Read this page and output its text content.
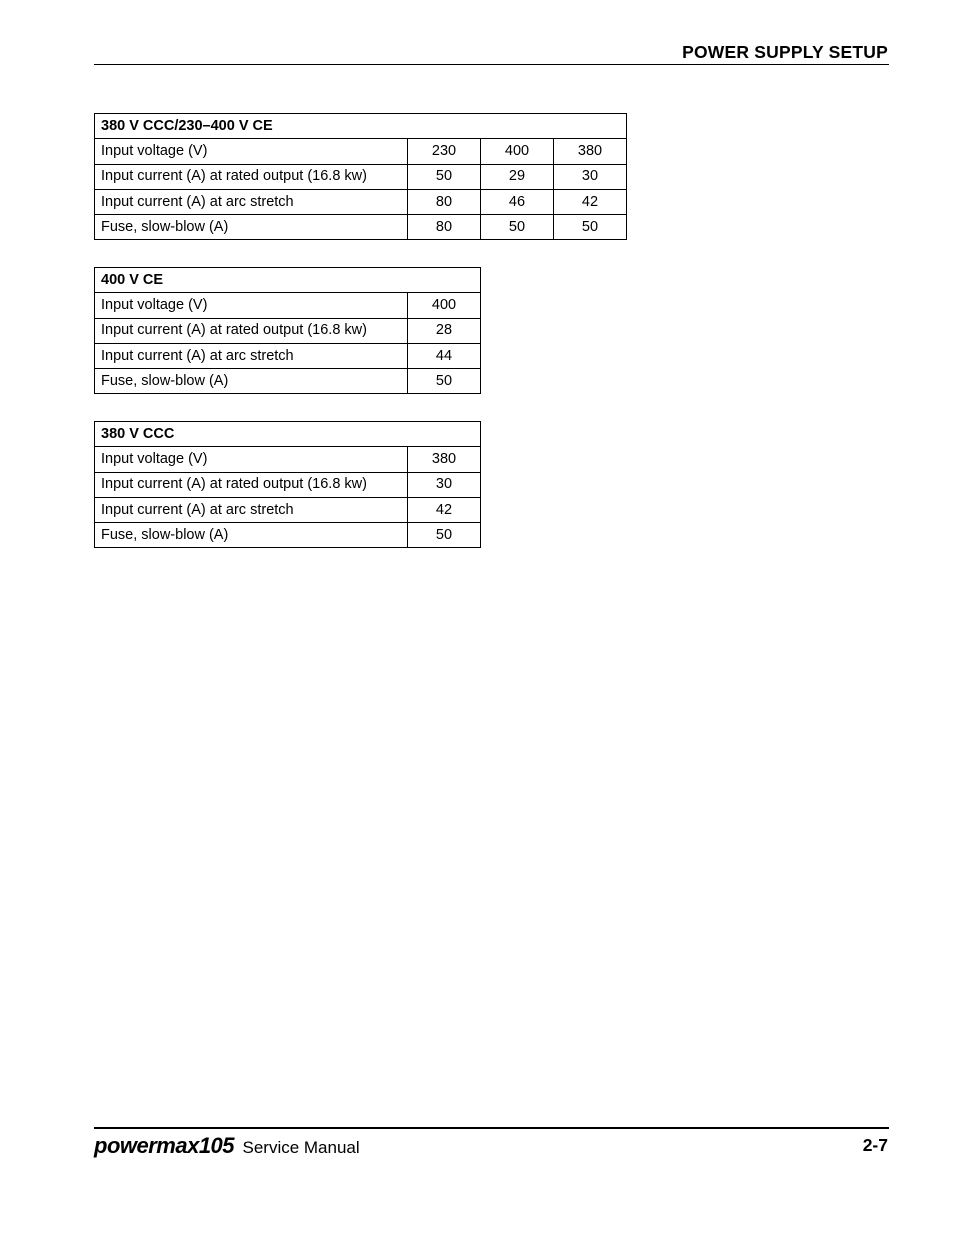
POWER SUPPLY SETUP
380 V CCC/230–400 V CE			
Input voltage (V)	230	400	380
Input current (A) at rated output (16.8 kw)	50	29	30
Input current (A) at arc stretch	80	46	42
Fuse, slow-blow (A)	80	50	50
400 V CE	
Input voltage (V)	400
Input current (A) at rated output (16.8 kw)	28
Input current (A) at arc stretch	44
Fuse, slow-blow (A)	50
380 V CCC	
Input voltage (V)	380
Input current (A) at rated output (16.8 kw)	30
Input current (A) at arc stretch	42
Fuse, slow-blow (A)	50
powermax105 Service Manual	2-7
